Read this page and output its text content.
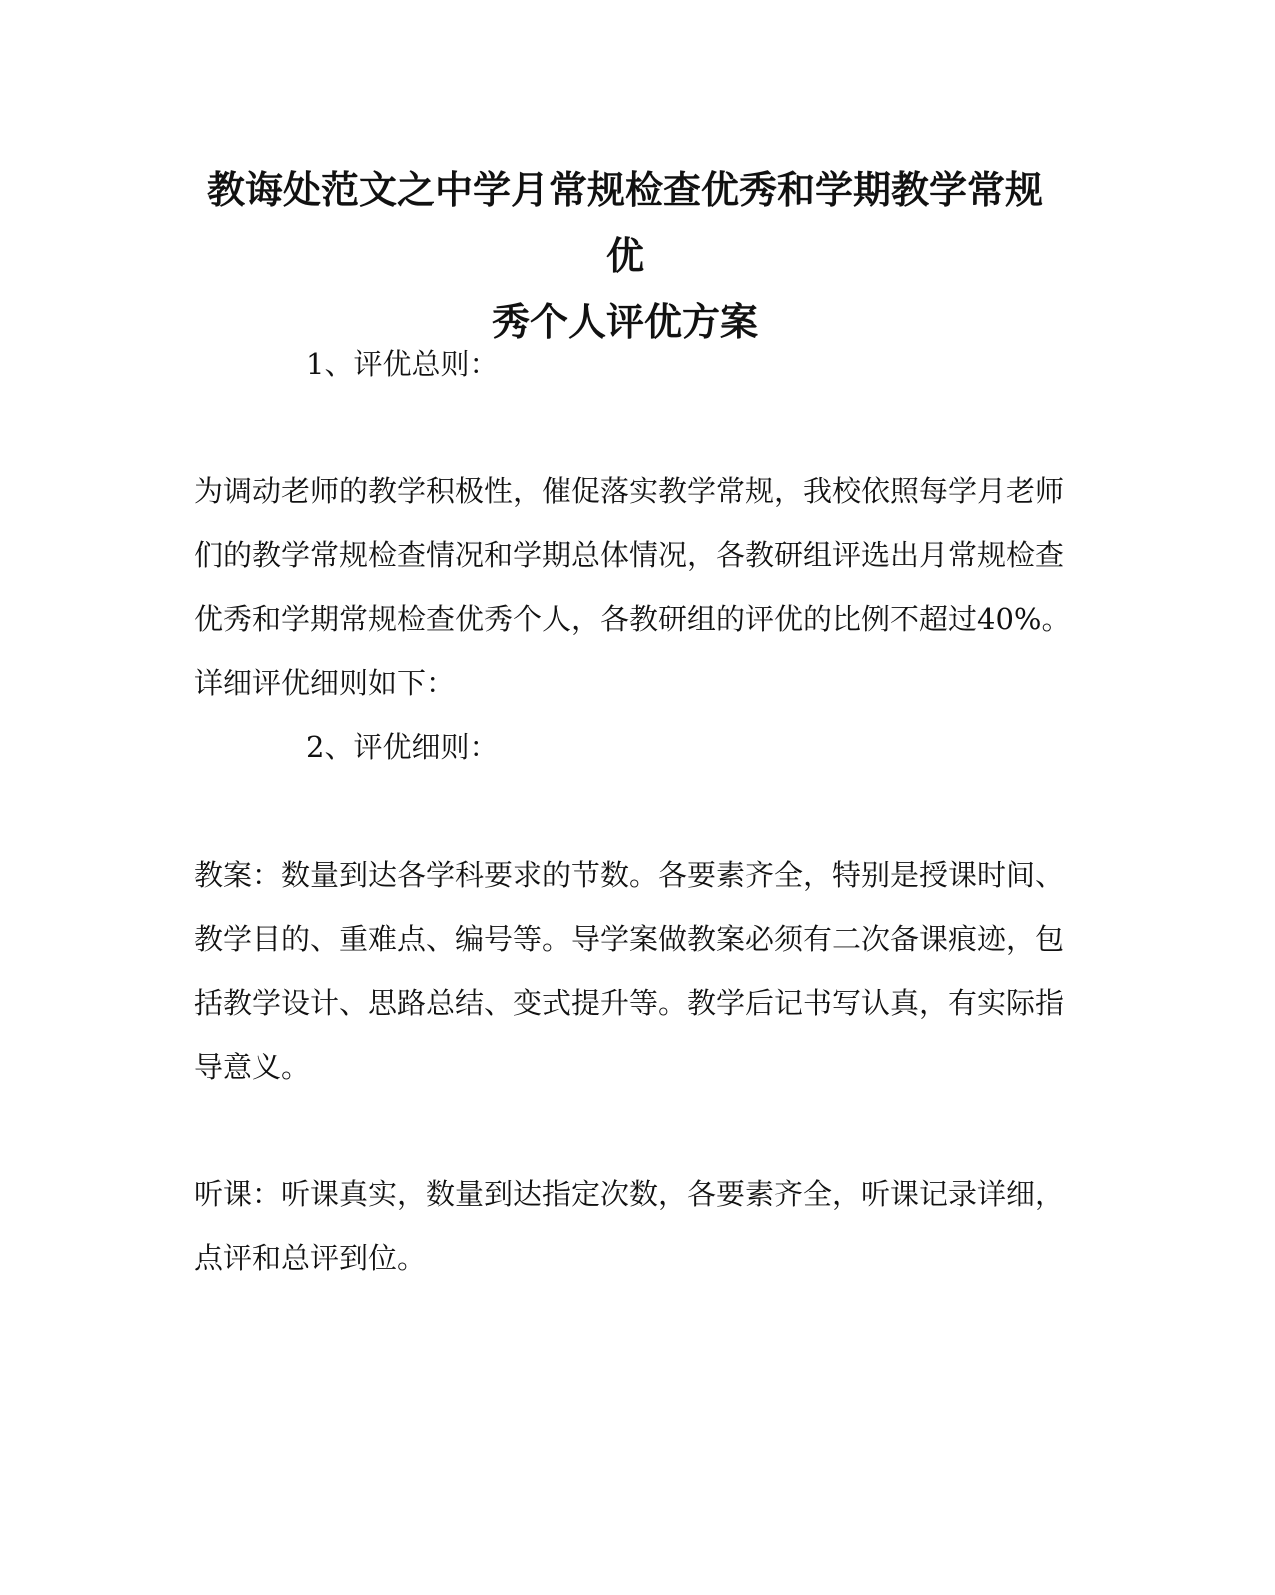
教诲处范文之中学月常规检查优秀和学期教学常规优
秀个人评优方案
1、评优总则：
为调动老师的教学积极性，催促落实教学常规，我校依照每学月老师
们的教学常规检查情况和学期总体情况，各教研组评选出月常规检查
优秀和学期常规检查优秀个人，各教研组的评优的比例不超过40%。
详细评优细则如下：
2、评优细则：
教案：数量到达各学科要求的节数。各要素齐全，特别是授课时间、
教学目的、重难点、编号等。导学案做教案必须有二次备课痕迹，包
括教学设计、思路总结、变式提升等。教学后记书写认真，有实际指
导意义。
听课：听课真实，数量到达指定次数，各要素齐全，听课记录详细，
点评和总评到位。
